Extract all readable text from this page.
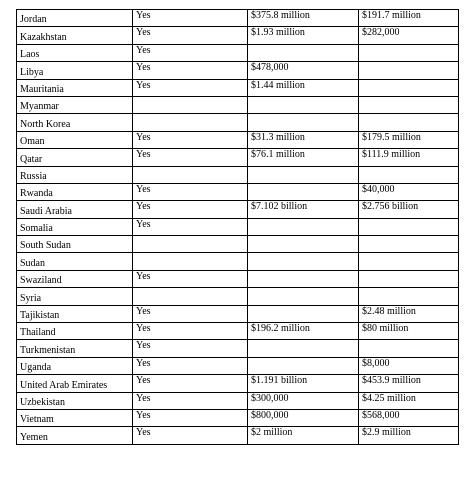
Jordan	Yes	$375.8 million	$191.7 million
Kazakhstan	Yes	$1.93 million	$282,000
Laos	Yes		
Libya	Yes	$478,000	
Mauritania	Yes	$1.44 million	
Myanmar			
North Korea			
Oman	Yes	$31.3 million	$179.5 million
Qatar	Yes	$76.1 million	$111.9 million
Russia			
Rwanda	Yes		$40,000
Saudi Arabia	Yes	$7.102 billion	$2.756 billion
Somalia	Yes		
South Sudan			
Sudan			
Swaziland	Yes		
Syria			
Tajikistan	Yes		$2.48 million
Thailand	Yes	$196.2 million	$80 million
Turkmenistan	Yes		
Uganda	Yes		$8,000
United Arab Emirates	Yes	$1.191 billion	$453.9 million
Uzbekistan	Yes	$300,000	$4.25 million
Vietnam	Yes	$800,000	$568,000
Yemen	Yes	$2 million	$2.9 million
